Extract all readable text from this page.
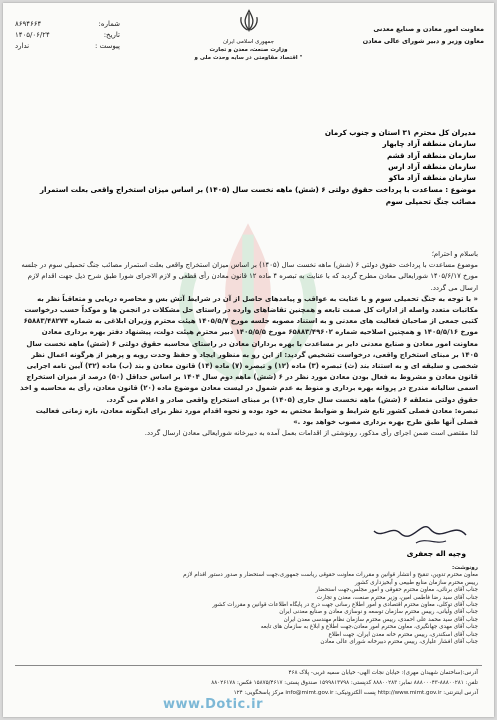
معاونت امور معادن و صنایع معدنی
معاون وزیر و دبیر شورای عالی معادن
جمهوری اسلامی ایران
وزارت صنعت، معدن و تجارت
" اقتصاد مقاومتی در سایه وحدت ملی و
شماره:
۸۶۹۴۶۶۴
تاریخ:
۱۴۰۵/۰۶/۲۴
پیوست :
ندارد
مدیران کل محترم ۳۱ استان و جنوب کرمان
سازمان منطقه آزاد چابهار
سازمان منطقه آزاد قشم
سازمان منطقه آزاد ارس
سازمان منطقه آزاد ماکو
موضوع : مساعدت با پرداخت حقوق دولتی ۶ (شش) ماهه نخست سال (۱۴۰۵) بر اساس میزان استخراج واقعی بعلت استمرار مصائب جنگ تحمیلی سوم

باسلام و احترام؛

موضوع مساعدت با پرداخت حقوق دولتی ۶ (شش) ماهه نخست سال (۱۴۰۵) بر اساس میزان استخراج واقعی بعلت استمرار مصائب جنگ تحمیلی سوم در جلسه مورخ ۱۴۰۵/۶/۱۷ شورایعالی معادن مطرح گردید که با عنایت به تبصره ۴ ماده ۱۲ قانون معادن رأی قطعی و لازم الاجرای شورا طبق شرح ذیل جهت اقدام لازم ارسال می گردد.

« با توجه به جنگ تحمیلی سوم و با عنایت به عواقب و پیامدهای حاصل از آن در شرایط آتش بس و محاصره دریایی و متعاقباً نظر به مکاتبات متعدد واصله از ادارات کل صمت تابعه و همچنین تقاضاهای وارده در راستای حل مشکلات در انجمن ها و موکداً حسب درخواست کتبی جمعی از صاحبان فعالیت های معدنی و به استناد مصوبه جلسه مورخ ۱۴۰۵/۵/۷ هیئت محترم وزیران ابلاغی به شماره ۶۵۸۸۳/۴۸۲۷۴ مورخ ۱۴۰۵/۵/۱۶ و همچنین اصلاحیه شماره ۶۵۸۸۳/۴۹۶۰۲ مورخ ۱۴۰۵/۵/۵ دبیر محترم هیئت دولت، پیشنهاد دفتر بهره برداری معادن معاونت امور معادن و صنایع معدنی دایر بر مساعدت با بهره برداران معادن در راستای محاسبه حقوق دولتی ۶ (شش) ماهه نخست سال ۱۴۰۵ بر مبنای استخراج واقعی، درخواست تشخیص گردید: از این رو به منظور ایجاد و حفظ وحدت رویه و پرهیز از هرگونه اعمال نظر شخصی و سلیقه ای و به استناد بند (ث) تبصره (۳) ماده (۱۲) و تبصره (۷) ماده (۱۴) قانون معادن و بند (ب) ماده (۳۲) آیین نامه اجرایی قانون معادن و مشروط به فعال بودن معادن مورد نظر در ۶ (شش) ماهه دوم سال ۱۴۰۴ بر اساس حداقل (۵۰) درصد از میزان استخراج اسمی سالیانه مندرج در پروانه بهره برداری و منوط به عدم شمول در لیست معادن موضوع ماده (۲۰) قانون معادن، رأی به محاسبه و اخذ حقوق دولتی متعلقه ۶ (شش) ماهه نخست سال جاری (۱۴۰۵) بر مبنای استخراج واقعی صادر و اعلام می گردد.

تبصره: معادن فصلی کشور تابع شرایط و ضوابط مختص به خود بوده و نحوه اقدام مورد نظر برای اینگونه معادن، بازه زمانی فعالیت فصلی آنها طبق طرح بهره برداری مصوب خواهد بود .»

لذا مقتضی است ضمن اجرای رأی مذکور، رونوشتی از اقدامات بعمل آمده به دبیرخانه شورایعالی معادن ارسال گردد.

وجیه اله جعفری
رونوشت:
معاون محترم تدوین، تنقیح و انتشار قوانین و مقررات معاونت حقوقی ریاست جمهوری،جهت استحضار و صدور دستور اقدام لازم
رییس محترم سازمان منابع طبیعی و آبخیزداری کشور
جناب آقای برنائی، معاون محترم حقوقی و امور مجلس،جهت استحضار
جناب آقای سید رضا فاطمی امین، وزیر محترم صنعت، معدن و تجارت
جناب آقای توکلی، معاون محترم اقتصادی و امور اطلاع رسانی جهت درج در پایگاه اطلاعات قوانین و مقررات کشور
جناب آقای ولیانی، رییس محترم سازمان توسعه و نوسازی معادن و صنایع معدنی ایران
جناب آقای سید محمد علی احمدی، رییس محترم سازمان نظام مهندسی معدن ایران
جناب آقای مهدی جهانگیری، معاون محترم امور معادن،جهت اطلاع و ابلاغ به سازمان های تابعه
جناب آقای اسکندری، رییس محترم خانه معدن ایران، جهت اطلاع
جناب آقای افشار علیاری، رییس محترم دبیرخانه شورای عالی معادن
آدرس:(ساختمان شهیدان مهری): خیابان نجات الهی- خیابان سمیه غربی- پلاک ۴۶۸
تلفن: ۸۸۸۰۰۲۸۱-۸۸۸۰۰۰۴۳ نمابر: ۸۸۸۰۰۲۸۳ کدپستی: ۱۵۹۹۸۱۳۷۹۸ صندوق پستی: ۱۵۸۷۵/۴۶۱۷ فکس: ۸۸۰۲۶۱۷۸
آدرس اینترنتی: http://www.mimt.gov.ir پست الکترونیکی: info@mimt.gov.ir مرکز پاسخگویی: ۱۲۴
www.Dotic.ir
